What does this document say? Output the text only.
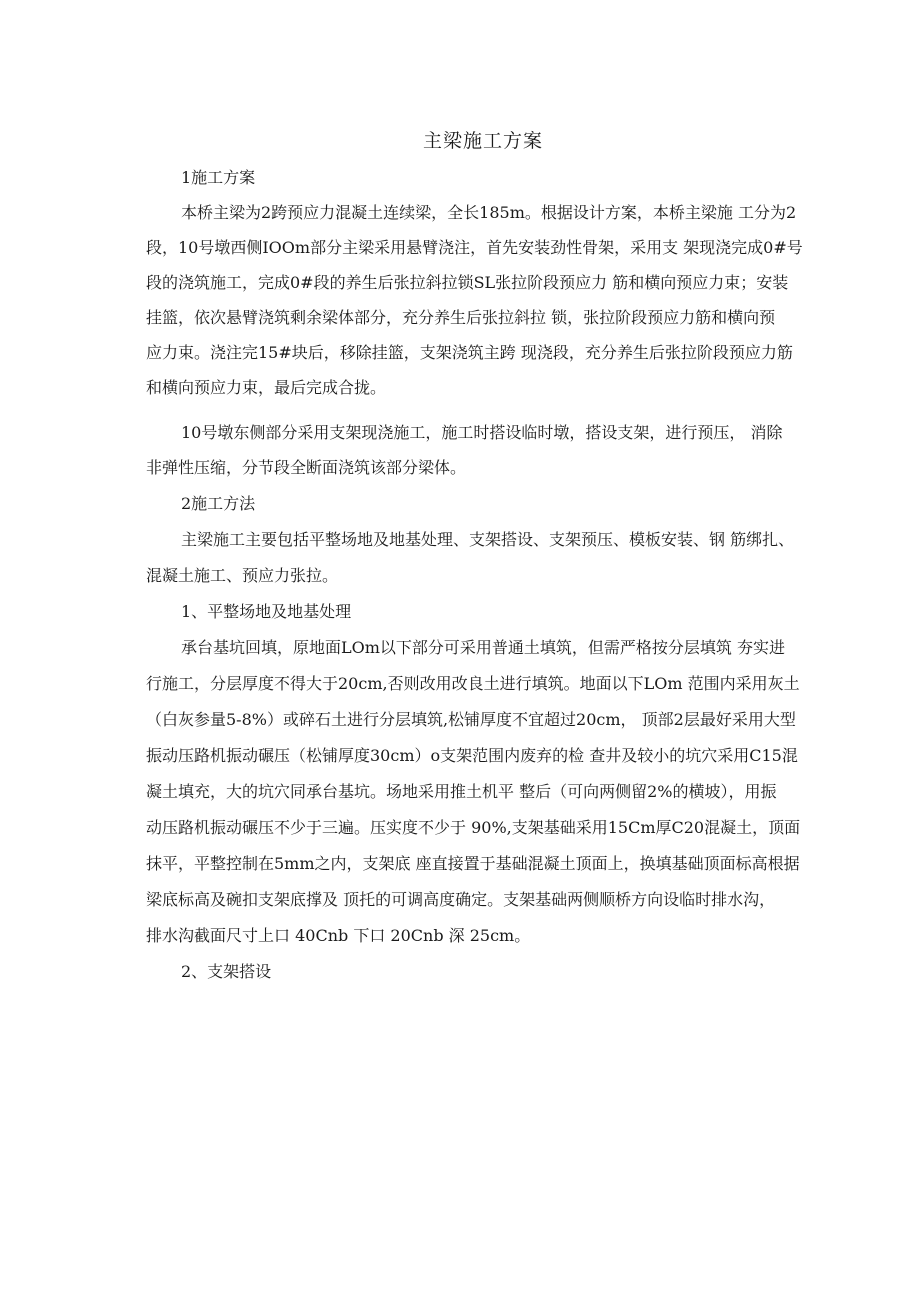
主梁施工方案
1施工方案
本桥主梁为2跨预应力混凝土连续梁，全长185m。根据设计方案，本桥主梁施 工分为2
段，10号墩西侧IOOm部分主梁采用悬臂浇注，首先安装劲性骨架，采用支 架现浇完成0#号
段的浇筑施工，完成0#段的养生后张拉斜拉锁SL张拉阶段预应力 筋和横向预应力束；安装
挂篮，依次悬臂浇筑剩余梁体部分，充分养生后张拉斜拉 锁，张拉阶段预应力筋和横向预
应力束。浇注完15#块后，移除挂篮，支架浇筑主跨 现浇段，充分养生后张拉阶段预应力筋
和横向预应力束，最后完成合拢。
10号墩东侧部分采用支架现浇施工，施工时搭设临时墩，搭设支架，进行预压， 消除
非弹性压缩，分节段全断面浇筑该部分梁体。
2施工方法
主梁施工主要包括平整场地及地基处理、支架搭设、支架预压、模板安装、钢 筋绑扎、
混凝土施工、预应力张拉。
1、平整场地及地基处理
承台基坑回填，原地面LOm以下部分可采用普通土填筑，但需严格按分层填筑 夯实进
行施工，分层厚度不得大于20cm,否则改用改良土进行填筑。地面以下LOm 范围内采用灰土
（白灰参量5-8%）或碎石土进行分层填筑,松铺厚度不宜超过20cm， 顶部2层最好采用大型
振动压路机振动碾压（松铺厚度30cm）o支架范围内废弃的检 查井及较小的坑穴采用C15混
凝土填充，大的坑穴同承台基坑。场地采用推土机平 整后（可向两侧留2%的横坡），用振
动压路机振动碾压不少于三遍。压实度不少于 90%,支架基础采用15Cm厚C20混凝土，顶面
抹平，平整控制在5mm之内，支架底 座直接置于基础混凝土顶面上，换填基础顶面标高根据
梁底标高及碗扣支架底撑及 顶托的可调高度确定。支架基础两侧顺桥方向设临时排水沟，
排水沟截面尺寸上口 40Cnb 下口 20Cnb 深 25cm。
2、支架搭设
